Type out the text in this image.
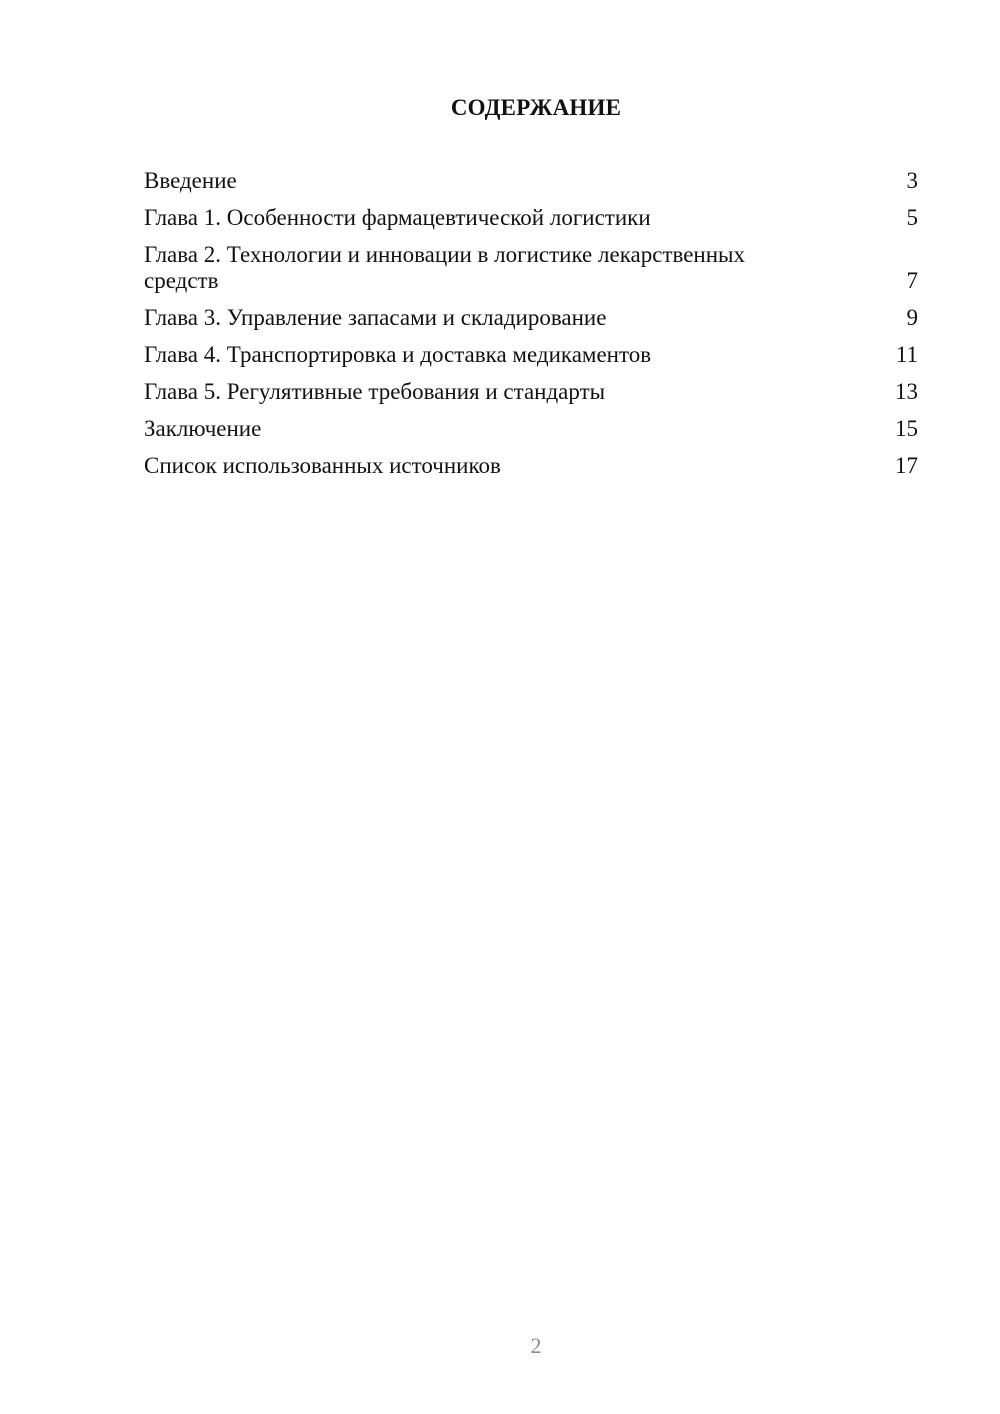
СОДЕРЖАНИЕ
Введение	3
Глава 1. Особенности фармацевтической логистики	5
Глава 2. Технологии и инновации в логистике лекарственных средств	7
Глава 3. Управление запасами и складирование	9
Глава 4. Транспортировка и доставка медикаментов	11
Глава 5. Регулятивные требования и стандарты	13
Заключение	15
Список использованных источников	17
2
